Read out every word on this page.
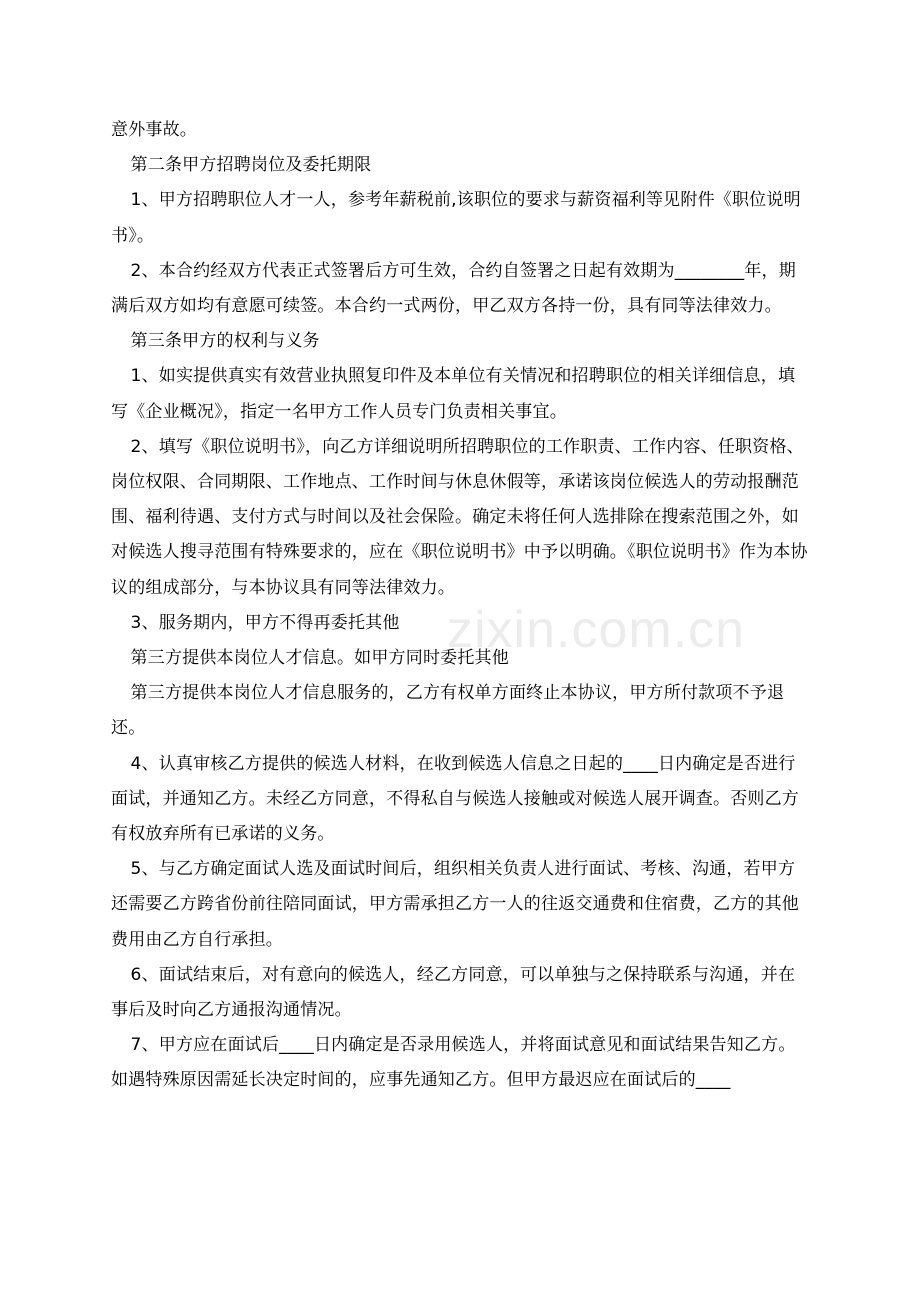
意外事故。

第二条甲方招聘岗位及委托期限

1、甲方招聘职位人才一人，参考年薪税前,该职位的要求与薪资福利等见附件《职位说明书》。

2、本合约经双方代表正式签署后方可生效，合约自签署之日起有效期为________年，期满后双方如均有意愿可续签。本合约一式两份，甲乙双方各持一份，具有同等法律效力。

第三条甲方的权利与义务

1、如实提供真实有效营业执照复印件及本单位有关情况和招聘职位的相关详细信息，填写《企业概况》，指定一名甲方工作人员专门负责相关事宜。

2、填写《职位说明书》，向乙方详细说明所招聘职位的工作职责、工作内容、任职资格、岗位权限、合同期限、工作地点、工作时间与休息休假等，承诺该岗位候选人的劳动报酬范围、福利待遇、支付方式与时间以及社会保险。确定未将任何人选排除在搜索范围之外，如对候选人搜寻范围有特殊要求的，应在《职位说明书》中予以明确。《职位说明书》作为本协议的组成部分，与本协议具有同等法律效力。

3、服务期内，甲方不得再委托其他

第三方提供本岗位人才信息。如甲方同时委托其他

第三方提供本岗位人才信息服务的，乙方有权单方面终止本协议，甲方所付款项不予退还。

4、认真审核乙方提供的候选人材料，在收到候选人信息之日起的____日内确定是否进行面试，并通知乙方。未经乙方同意，不得私自与候选人接触或对候选人展开调查。否则乙方有权放弃所有已承诺的义务。

5、与乙方确定面试人选及面试时间后，组织相关负责人进行面试、考核、沟通，若甲方还需要乙方跨省份前往陪同面试，甲方需承担乙方一人的往返交通费和住宿费，乙方的其他费用由乙方自行承担。

6、面试结束后，对有意向的候选人，经乙方同意，可以单独与之保持联系与沟通，并在事后及时向乙方通报沟通情况。

7、甲方应在面试后____日内确定是否录用候选人，并将面试意见和面试结果告知乙方。如遇特殊原因需延长决定时间的，应事先通知乙方。但甲方最迟应在面试后的____

zixin.com.cn
